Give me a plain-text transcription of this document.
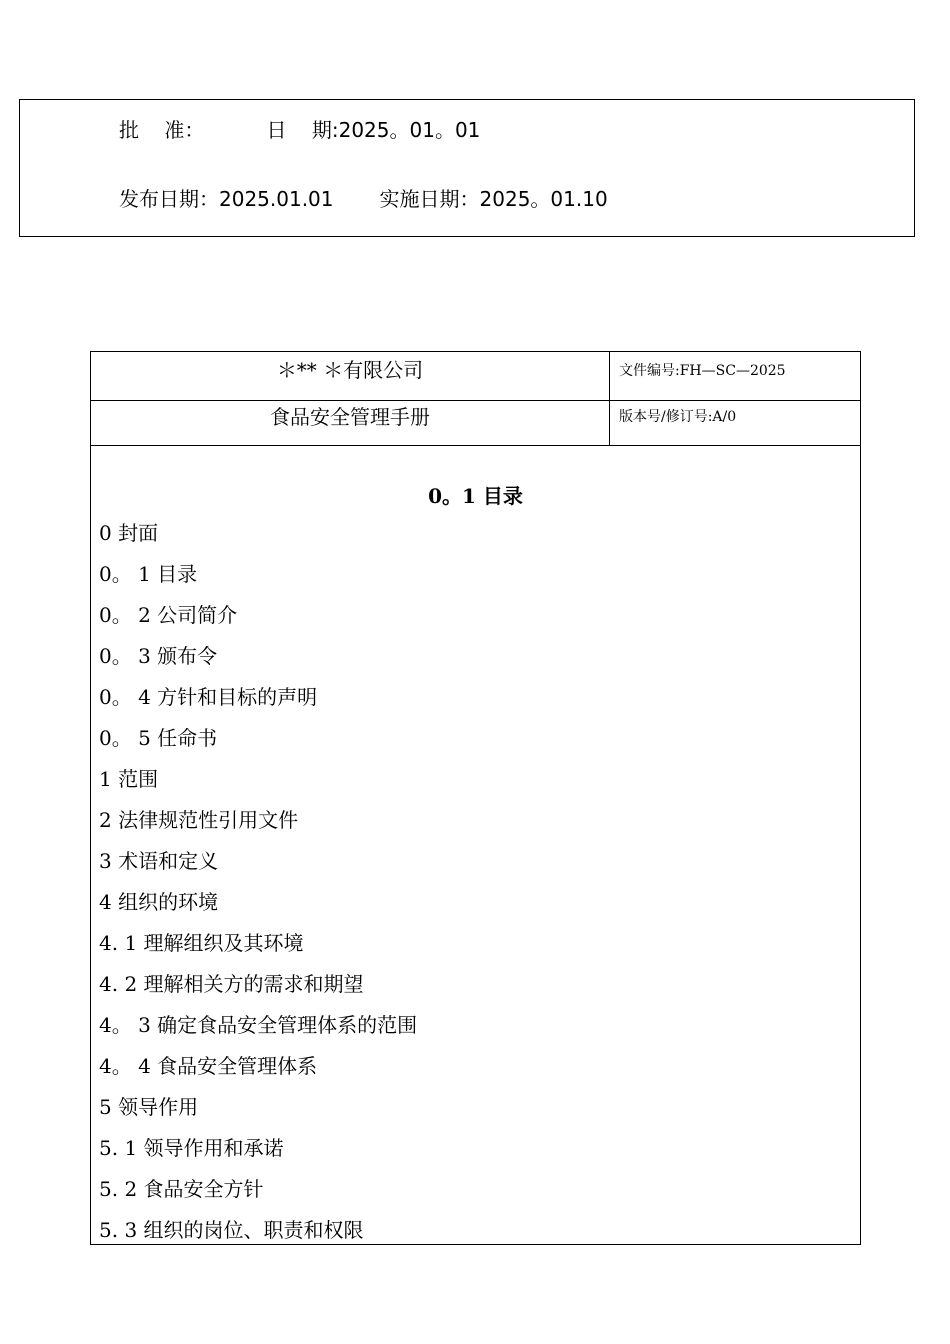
批    准：	日    期:2025。01。01
发布日期：2025.01.01 实施日期：2025。01.10
＊** ＊有限公司	文件编号:FH—SC—2025
食品安全管理手册	版本号/修订号:A/0
0。1 目录
0 封面
0。 1 目录
0。 2 公司简介
0。 3 颁布令
0。 4 方针和目标的声明
0。 5 任命书
1 范围
2 法律规范性引用文件
3 术语和定义
4 组织的环境
4. 1 理解组织及其环境
4. 2 理解相关方的需求和期望
4。 3 确定食品安全管理体系的范围
4。 4 食品安全管理体系
5 领导作用
5. 1 领导作用和承诺
5. 2 食品安全方针
5. 3 组织的岗位、职责和权限
